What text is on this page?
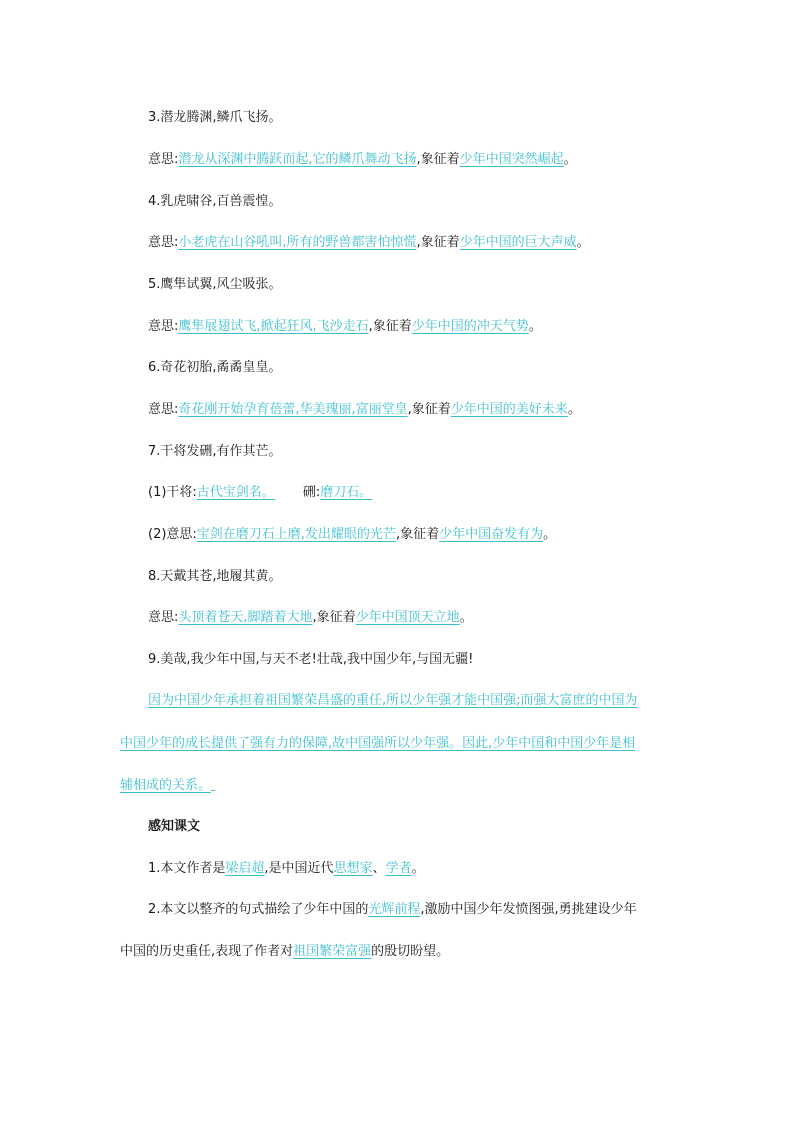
3.潜龙腾渊,鳞爪飞扬。
意思:潜龙从深渊中腾跃而起,它的鳞爪舞动飞扬,象征着少年中国突然崛起。
4.乳虎啸谷,百兽震惶。
意思:小老虎在山谷吼叫,所有的野兽都害怕惊慌,象征着少年中国的巨大声威。
5.鹰隼试翼,风尘吸张。
意思:鹰隼展翅试飞,掀起狂风,飞沙走石,象征着少年中国的冲天气势。
6.奇花初胎,矞矞皇皇。
意思:奇花刚开始孕育蓓蕾,华美瑰丽,富丽堂皇,象征着少年中国的美好未来。
7.干将发硎,有作其芒。
(1)干将:古代宝剑名。 硎:磨刀石。
(2)意思:宝剑在磨刀石上磨,发出耀眼的光芒,象征着少年中国奋发有为。
8.天戴其苍,地履其黄。
意思:头顶着苍天,脚踏着大地,象征着少年中国顶天立地。
9.美哉,我少年中国,与天不老!壮哉,我中国少年,与国无疆!
因为中国少年承担着祖国繁荣昌盛的重任,所以少年强才能中国强;而强大富庶的中国为
中国少年的成长提供了强有力的保障,故中国强所以少年强。因此,少年中国和中国少年是相
辅相成的关系。
感知课文
1.本文作者是梁启超,是中国近代思想家、学者。
2.本文以整齐的句式描绘了少年中国的光辉前程,激励中国少年发愤图强,勇挑建设少年
中国的历史重任,表现了作者对祖国繁荣富强的殷切盼望。
